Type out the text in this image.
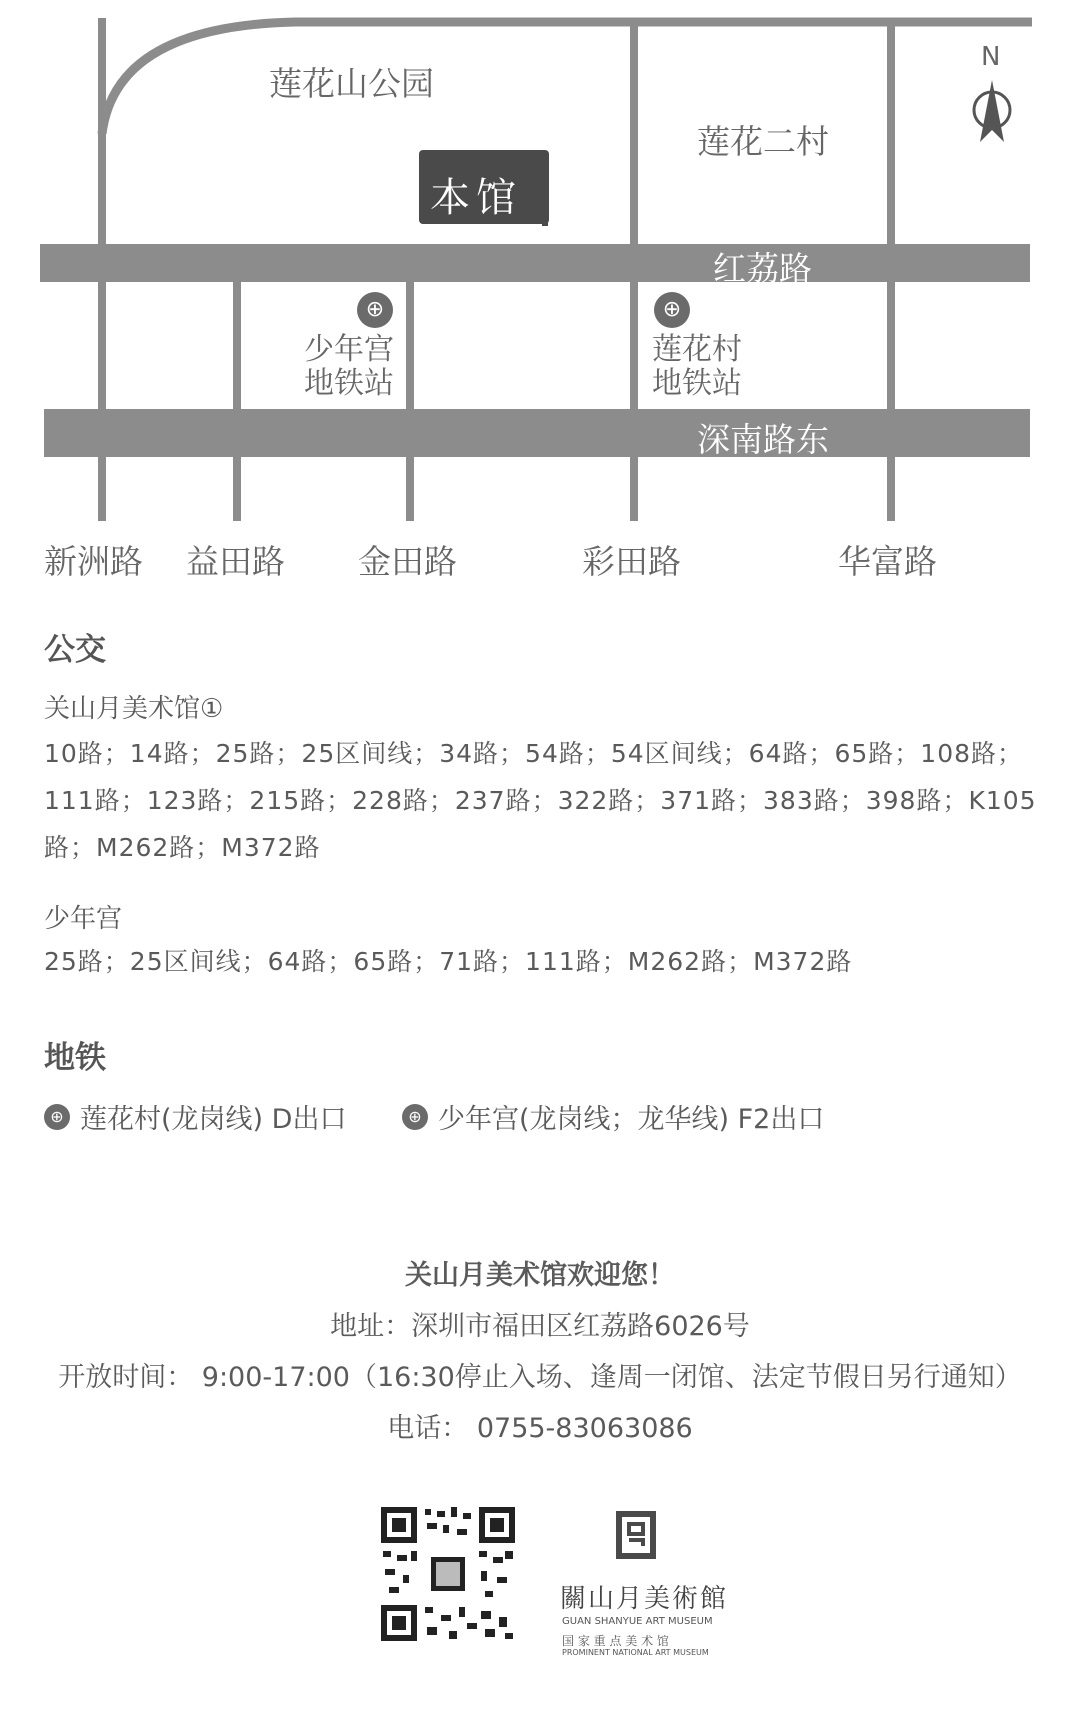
红荔路
深南路东
莲花山公园
莲花二村
本馆
N
⊕
少年宫
地铁站
⊕
莲花村
地铁站
新洲路 益田路 金田路	彩田路	华富路
公交
关山月美术馆①
10路；14路；25路；25区间线；34路；54路；54区间线；64路；65路；108路；111路；123路；215路；228路；237路；322路；371路；383路；398路；K105路；M262路；M372路
少年宫
25路；25区间线；64路；65路；71路；111路；M262路；M372路
地铁
⊕ 莲花村(龙岗线) D出口	⊕ 少年宫(龙岗线；龙华线) F2出口
关山月美术馆欢迎您！
地址：深圳市福田区红荔路6026号
开放时间： 9:00-17:00（16:30停止入场、逢周一闭馆、法定节假日另行通知）
电话： 0755-83063086
關山月美術館
GUAN SHANYUE ART MUSEUM
国 家 重 点 美 术 馆
PROMINENT NATIONAL ART MUSEUM
